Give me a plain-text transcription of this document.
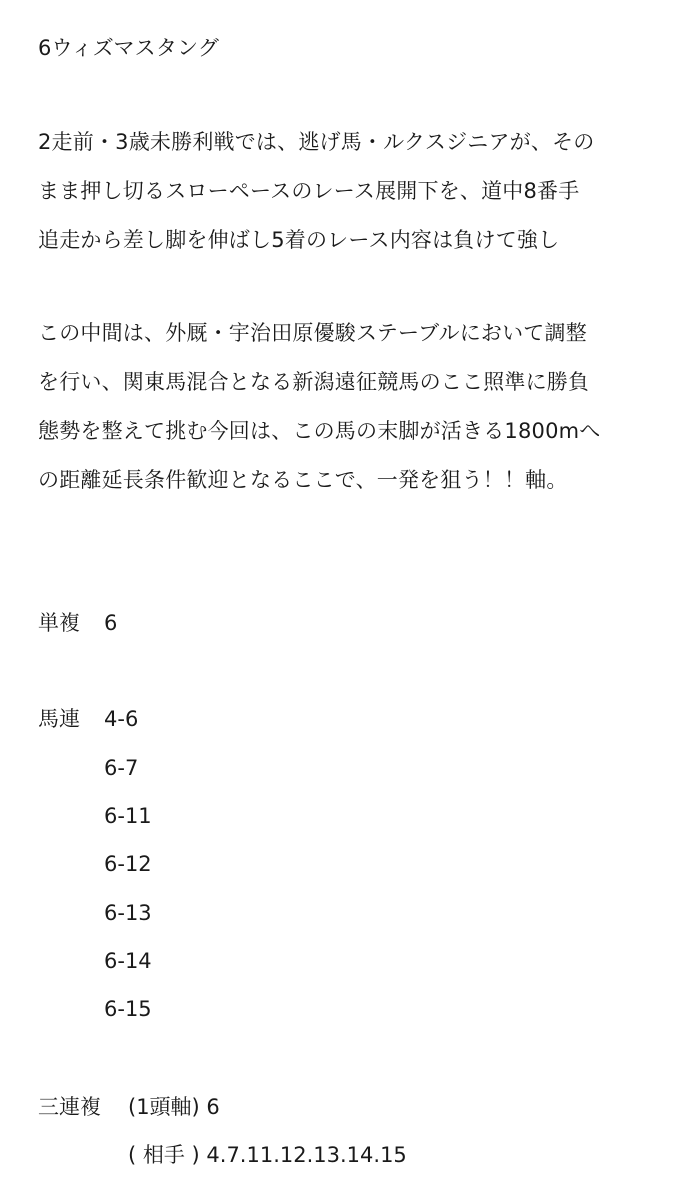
6ウィズマスタング
2走前・3歳未勝利戦では、逃げ馬・ルクスジニアが、その
まま押し切るスローペースのレース展開下を、道中8番手
追走から差し脚を伸ばし5着のレース内容は負けて強し
この中間は、外厩・宇治田原優駿ステーブルにおいて調整
を行い、関東馬混合となる新潟遠征競馬のここ照準に勝負
態勢を整えて挑む今回は、この馬の末脚が活きる1800mへ
の距離延長条件歓迎となるここで、一発を狙う！！軸。
単複 6
馬連 4-6
6-7
6-11
6-12
6-13
6-14
6-15
三連複 (1頭軸) 6
( 相手 ) 4.7.11.12.13.14.15
